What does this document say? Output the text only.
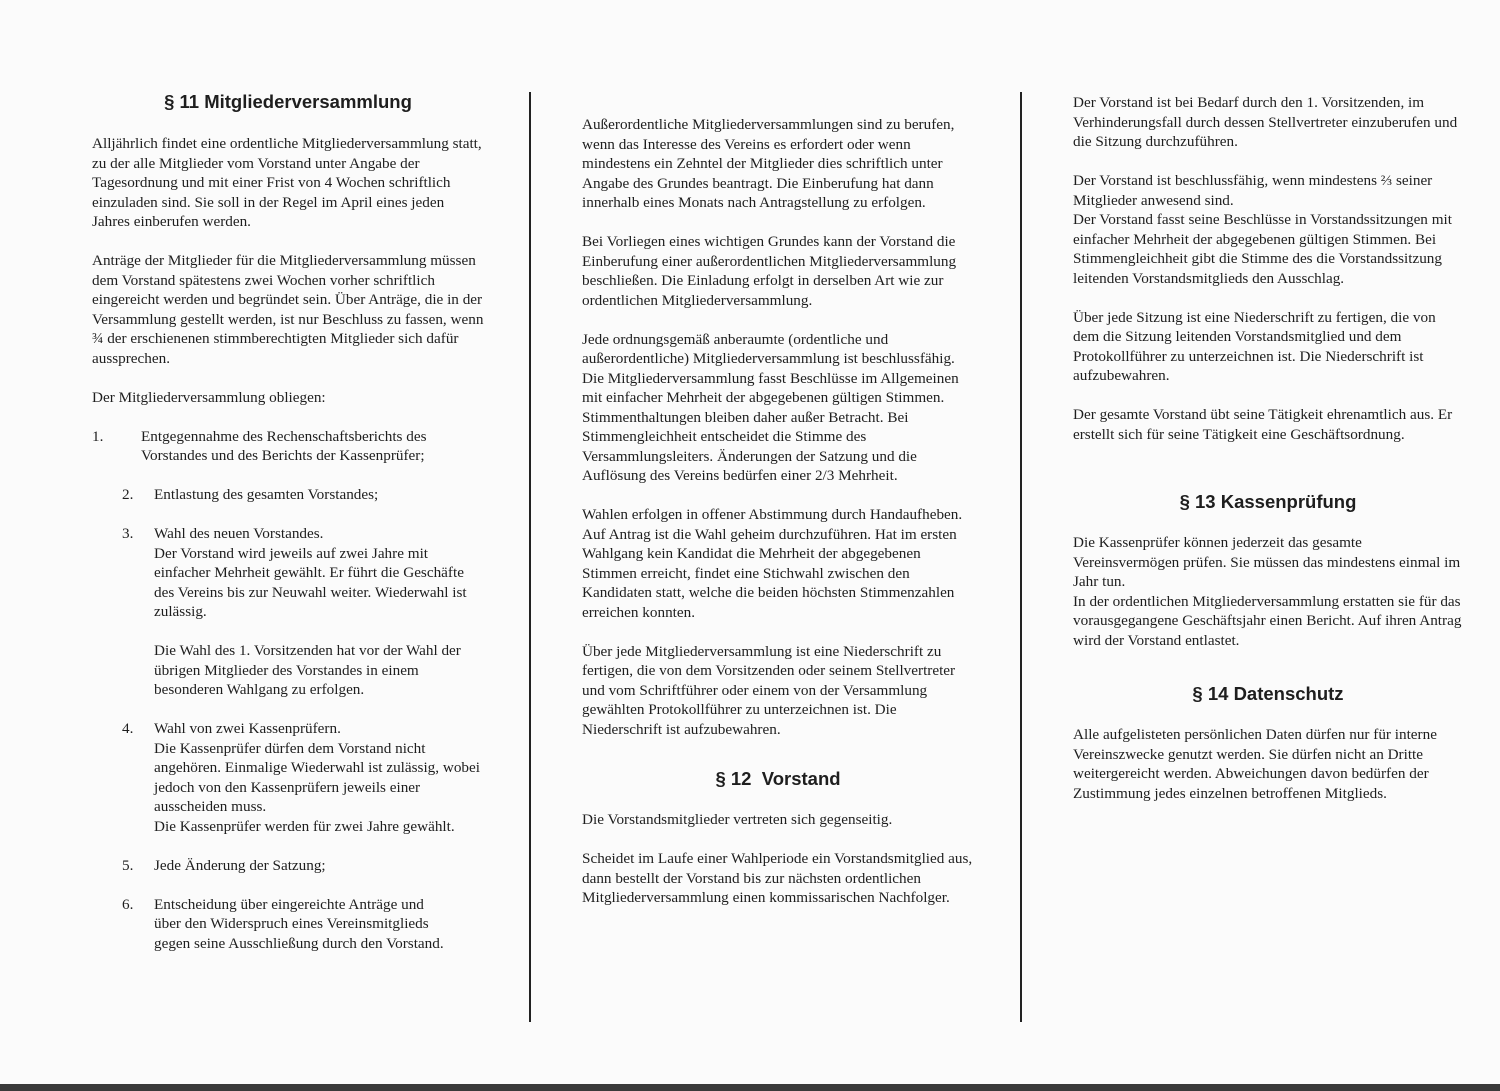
§ 11 Mitgliederversammlung

Alljährlich findet eine ordentliche Mitgliederversammlung statt, zu der alle Mitglieder vom Vorstand unter Angabe der Tagesordnung und mit einer Frist von 4 Wochen schriftlich einzuladen sind. Sie soll in der Regel im April eines jeden Jahres einberufen werden.

Anträge der Mitglieder für die Mitgliederversammlung müssen dem Vorstand spätestens zwei Wochen vorher schriftlich eingereicht werden und begründet sein. Über Anträge, die in der Versammlung gestellt werden, ist nur Beschluss zu fassen, wenn ¾ der erschienenen stimmberechtigten Mitglieder sich dafür aussprechen.

Der Mitgliederversammlung obliegen:

1. Entgegennahme des Rechenschaftsberichts des Vorstandes und des Berichts der Kassenprüfer;
2. Entlastung des gesamten Vorstandes;
3. Wahl des neuen Vorstandes.

Der Vorstand wird jeweils auf zwei Jahre mit einfacher Mehrheit gewählt. Er führt die Geschäfte des Vereins bis zur Neuwahl weiter. Wiederwahl ist zulässig.

Die Wahl des 1. Vorsitzenden hat vor der Wahl der übrigen Mitglieder des Vorstandes in einem besonderen Wahlgang zu erfolgen.

4. Wahl von zwei Kassenprüfern.

Die Kassenprüfer dürfen dem Vorstand nicht angehören. Einmalige Wiederwahl ist zulässig, wobei jedoch von den Kassenprüfern jeweils einer ausscheiden muss.

Die Kassenprüfer werden für zwei Jahre gewählt.

5. Jede Änderung der Satzung;
6. Entscheidung über eingereichte Anträge und über den Widerspruch eines Vereinsmitglieds gegen seine Ausschließung durch den Vorstand.

Außerordentliche Mitgliederversammlungen sind zu berufen, wenn das Interesse des Vereins es erfordert oder wenn mindestens ein Zehntel der Mitglieder dies schriftlich unter Angabe des Grundes beantragt. Die Einberufung hat dann innerhalb eines Monats nach Antragstellung zu erfolgen.

Bei Vorliegen eines wichtigen Grundes kann der Vorstand die Einberufung einer außerordentlichen Mitgliederversammlung beschließen. Die Einladung erfolgt in derselben Art wie zur ordentlichen Mitgliederversammlung.

Jede ordnungsgemäß anberaumte (ordentliche und außerordentliche) Mitgliederversammlung ist beschlussfähig. Die Mitgliederversammlung fasst Beschlüsse im Allgemeinen mit einfacher Mehrheit der abgegebenen gültigen Stimmen. Stimmenthaltungen bleiben daher außer Betracht. Bei Stimmengleichheit entscheidet die Stimme des Versammlungsleiters. Änderungen der Satzung und die Auflösung des Vereins bedürfen einer 2/3 Mehrheit.

Wahlen erfolgen in offener Abstimmung durch Handaufheben. Auf Antrag ist die Wahl geheim durchzuführen. Hat im ersten Wahlgang kein Kandidat die Mehrheit der abgegebenen Stimmen erreicht, findet eine Stichwahl zwischen den Kandidaten statt, welche die beiden höchsten Stimmenzahlen erreichen konnten.

Über jede Mitgliederversammlung ist eine Niederschrift zu fertigen, die von dem Vorsitzenden oder seinem Stellvertreter und vom Schriftführer oder einem von der Versammlung gewählten Protokollführer zu unterzeichnen ist. Die Niederschrift ist aufzubewahren.

§ 12  Vorstand

Die Vorstandsmitglieder vertreten sich gegenseitig.

Scheidet im Laufe einer Wahlperiode ein Vorstandsmitglied aus, dann bestellt der Vorstand bis zur nächsten ordentlichen Mitgliederversammlung einen kommissarischen Nachfolger.

Der Vorstand ist bei Bedarf durch den 1. Vorsitzenden, im Verhinderungsfall durch dessen Stellvertreter einzuberufen und die Sitzung durchzuführen.

Der Vorstand ist beschlussfähig, wenn mindestens ⅔ seiner Mitglieder anwesend sind.

Der Vorstand fasst seine Beschlüsse in Vorstandssitzungen mit einfacher Mehrheit der abgegebenen gültigen Stimmen. Bei Stimmengleichheit gibt die Stimme des die Vorstandssitzung leitenden Vorstandsmitglieds den Ausschlag.

Über jede Sitzung ist eine Niederschrift zu fertigen, die von dem die Sitzung leitenden Vorstandsmitglied und dem Protokollführer zu unterzeichnen ist. Die Niederschrift ist aufzubewahren.

Der gesamte Vorstand übt seine Tätigkeit ehrenamtlich aus. Er erstellt sich für seine Tätigkeit eine Geschäftsordnung.

§ 13 Kassenprüfung

Die Kassenprüfer können jederzeit das gesamte Vereinsvermögen prüfen. Sie müssen das mindestens einmal im Jahr tun.

In der ordentlichen Mitgliederversammlung erstatten sie für das vorausgegangene Geschäftsjahr einen Bericht. Auf ihren Antrag wird der Vorstand entlastet.

§ 14 Datenschutz

Alle aufgelisteten persönlichen Daten dürfen nur für interne Vereinszwecke genutzt werden. Sie dürfen nicht an Dritte weitergereicht werden. Abweichungen davon bedürfen der Zustimmung jedes einzelnen betroffenen Mitglieds.
